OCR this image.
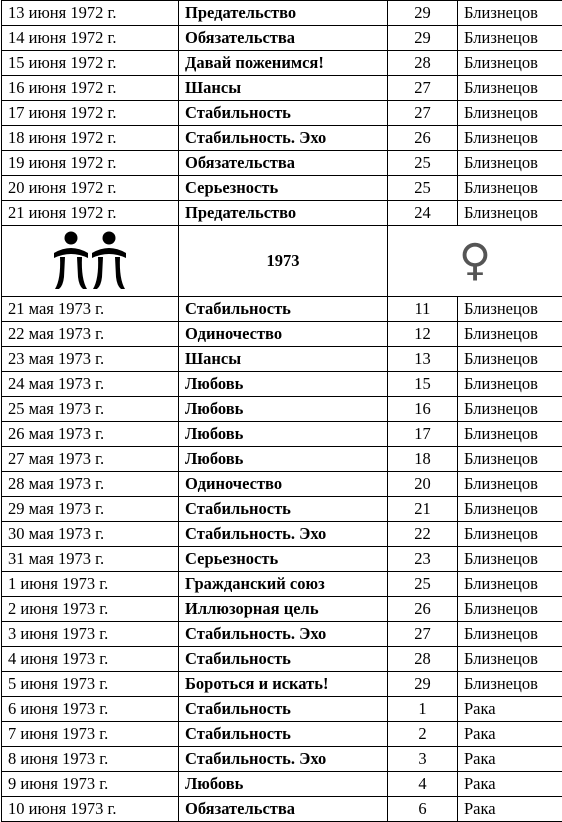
13 июня 1972 г.	Предательство	29	Близнецов
14 июня 1972 г.	Обязательства	29	Близнецов
15 июня 1972 г.	Давай поженимся!	28	Близнецов
16 июня 1972 г.	Шансы	27	Близнецов
17 июня 1972 г.	Стабильность	27	Близнецов
18 июня 1972 г.	Стабильность. Эхо	26	Близнецов
19 июня 1972 г.	Обязательства	25	Близнецов
20 июня 1972 г.	Серьезность	25	Близнецов
21 июня 1972 г.	Предательство	24	Близнецов

	1973	♀	
21 мая 1973 г.	Стабильность	11	Близнецов
22 мая 1973 г.	Одиночество	12	Близнецов
23 мая 1973 г.	Шансы	13	Близнецов
24 мая 1973 г.	Любовь	15	Близнецов
25 мая 1973 г.	Любовь	16	Близнецов
26 мая 1973 г.	Любовь	17	Близнецов
27 мая 1973 г.	Любовь	18	Близнецов
28 мая 1973 г.	Одиночество	20	Близнецов
29 мая 1973 г.	Стабильность	21	Близнецов
30 мая 1973 г.	Стабильность. Эхо	22	Близнецов
31 мая 1973 г.	Серьезность	23	Близнецов
1 июня 1973 г.	Гражданский союз	25	Близнецов
2 июня 1973 г.	Иллюзорная цель	26	Близнецов
3 июня 1973 г.	Стабильность. Эхо	27	Близнецов
4 июня 1973 г.	Стабильность	28	Близнецов
5 июня 1973 г.	Бороться и искать!	29	Близнецов
6 июня 1973 г.	Стабильность	1	Рака
7 июня 1973 г.	Стабильность	2	Рака
8 июня 1973 г.	Стабильность. Эхо	3	Рака
9 июня 1973 г.	Любовь	4	Рака
10 июня 1973 г.	Обязательства	6	Рака
